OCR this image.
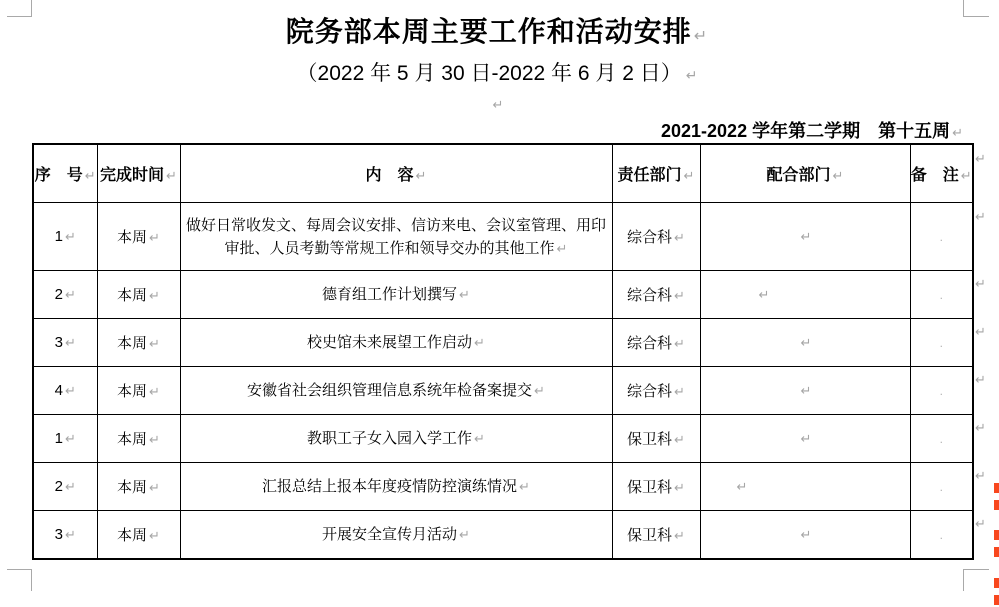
院务部本周主要工作和活动安排 ↵
（2022 年 5 月 30 日-2022 年 6 月 2 日） ↵
↵
2021-2022 学年第二学期　第十五周 ↵
序　号 ↵	完成时间 ↵	内　容 ↵	责任部门 ↵	配合部门 ↵	备　注 ↵
1 ↵	本周 ↵	做好日常收发文、每周会议安排、信访来电、会议室管理、用印审批、人员考勤等常规工作和领导交办的其他工作 ↵	综合科 ↵	↵	.
2 ↵	本周 ↵	德育组工作计划撰写 ↵	综合科 ↵	↵	.
3 ↵	本周 ↵	校史馆未来展望工作启动 ↵	综合科 ↵	↵	.
4 ↵	本周 ↵	安徽省社会组织管理信息系统年检备案提交 ↵	综合科 ↵	↵	.
1 ↵	本周 ↵	教职工子女入园入学工作 ↵	保卫科 ↵	↵	.
2 ↵	本周 ↵	汇报总结上报本年度疫情防控演练情况 ↵	保卫科 ↵	↵	.
3 ↵	本周 ↵	开展安全宣传月活动 ↵	保卫科 ↵	↵	.
↵
↵
↵
↵
↵
↵
↵
↵
